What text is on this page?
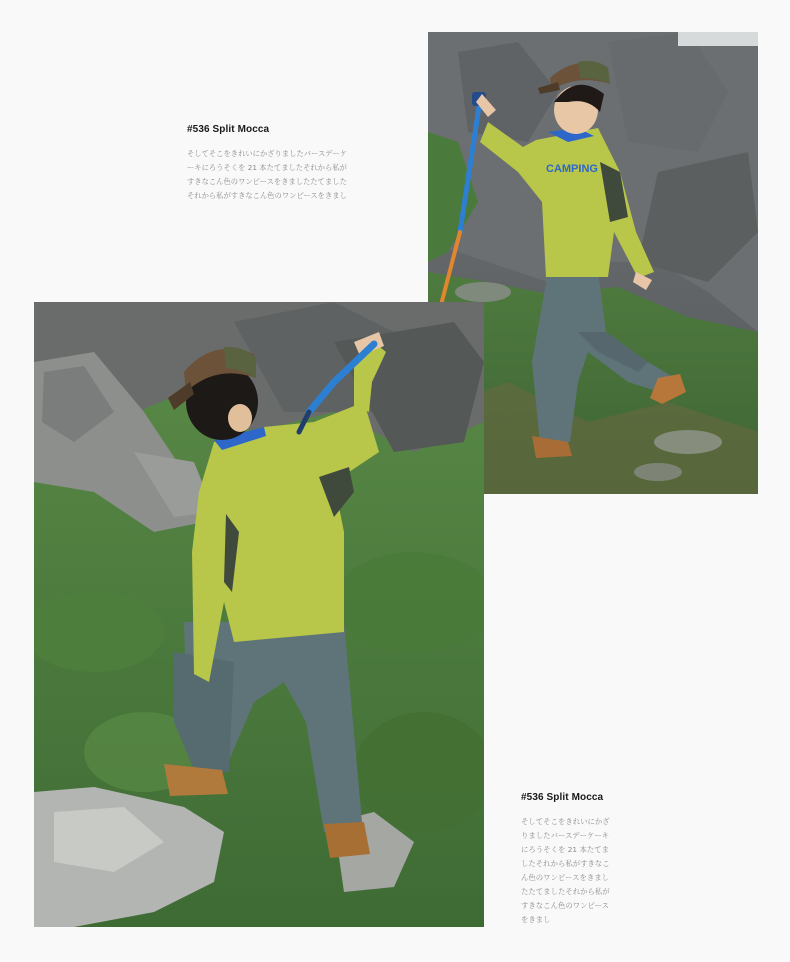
CAMPING

#536 Split Mocca

そしてそこをきれいにかざりましたバースデーケ
ーキにろうそくを 21 本たてましたそれから私が
すきなこん色のワンピースをきましたたてました
それから私がすきなこん色のワンピースをきまし

#536 Split Mocca

そしてそこをきれいにかざ
りましたバースデーケーキ
にろうそくを 21 本たてま
したそれから私がすきなこ
ん色のワンピースをきまし
たたてましたそれから私が
すきなこん色のワンピース
をきまし
